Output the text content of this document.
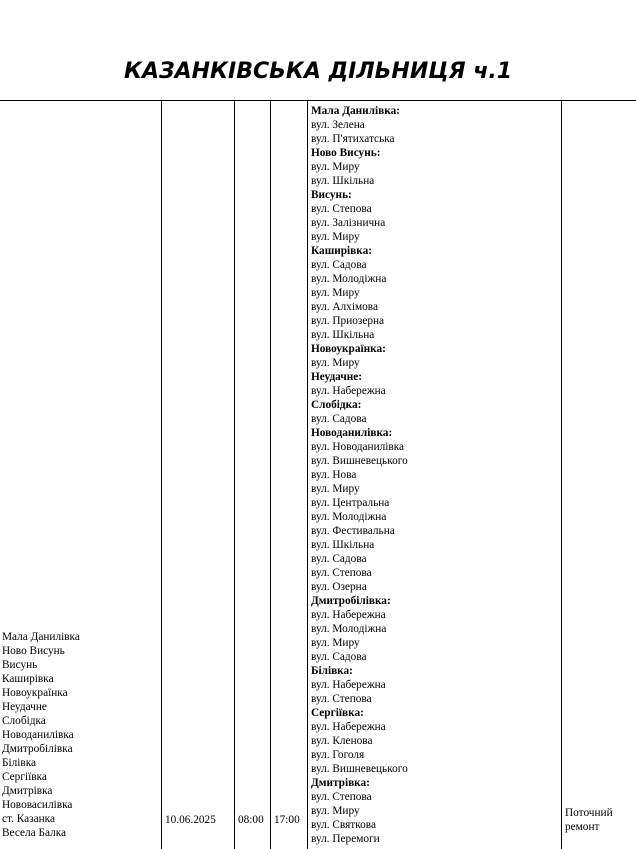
КАЗАНКІВСЬКА ДІЛЬНИЦЯ ч.1
Мала Данилівка
Ново Висунь
Висунь
Каширівка
Новоукраїнка
Неудачне
Слобідка
Новоданилівка
Дмитробілівка
Білівка
Сергіївка
Дмитрівка
Нововасилівка
ст. Казанка
Весела Балка
10.06.2025 08:00 17:00
Мала Данилівка:
вул. Зелена
вул. П'ятихатська
Ново Висунь:
вул. Миру
вул. Шкільна
Висунь:
вул. Степова
вул. Залізнична
вул. Миру
Каширівка:
вул. Садова
вул. Молодіжна
вул. Миру
вул. Алхімова
вул. Приозерна
вул. Шкільна
Новоукраїнка:
вул. Миру
Неудачне:
вул. Набережна
Слобідка:
вул. Садова
Новоданилівка:
вул. Новоданилівка
вул. Вишневецького
вул. Нова
вул. Миру
вул. Центральна
вул. Молодіжна
вул. Фестивальна
вул. Шкільна
вул. Садова
вул. Степова
вул. Озерна
Дмитробілівка:
вул. Набережна
вул. Молодіжна
вул. Миру
вул. Садова
Білівка:
вул. Набережна
вул. Степова
Сергіївка:
вул. Набережна
вул. Кленова
вул. Гоголя
вул. Вишневецького
Дмитрівка:
вул. Степова
вул. Миру
вул. Святкова
вул. Перемоги
Поточний
ремонт
